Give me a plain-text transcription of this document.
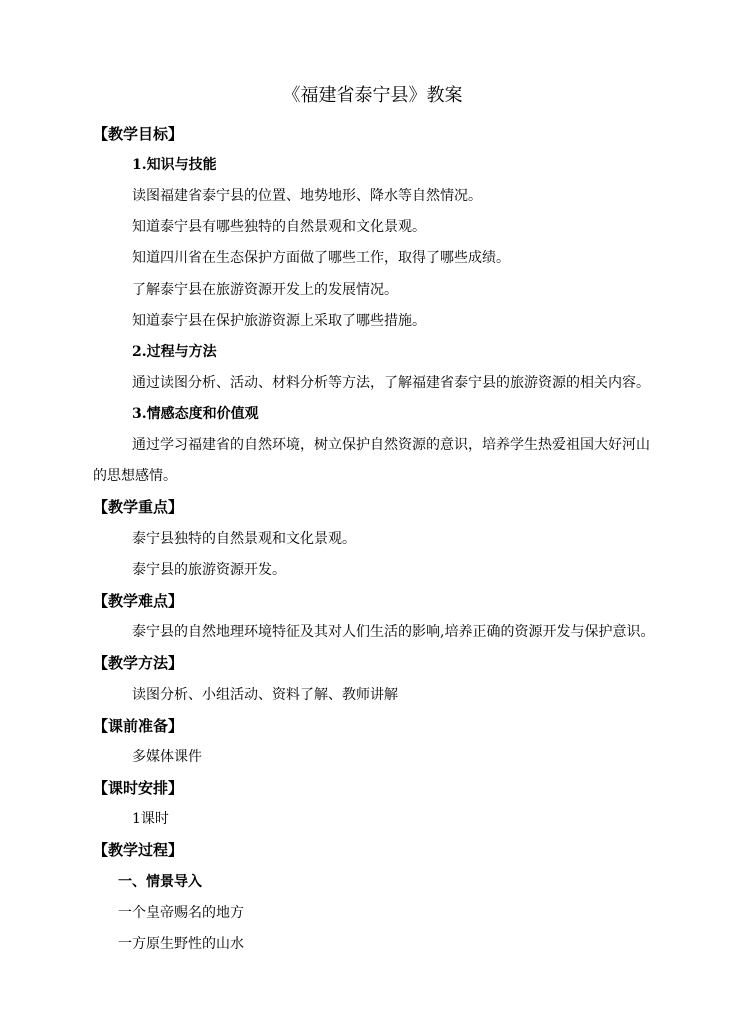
《福建省泰宁县》教案
【教学目标】
1.知识与技能
读图福建省泰宁县的位置、地势地形、降水等自然情况。
知道泰宁县有哪些独特的自然景观和文化景观。
知道四川省在生态保护方面做了哪些工作，取得了哪些成绩。
了解泰宁县在旅游资源开发上的发展情况。
知道泰宁县在保护旅游资源上采取了哪些措施。
2.过程与方法
通过读图分析、活动、材料分析等方法，了解福建省泰宁县的旅游资源的相关内容。
3.情感态度和价值观
通过学习福建省的自然环境，树立保护自然资源的意识，培养学生热爱祖国大好河山
的思想感情。
【教学重点】
泰宁县独特的自然景观和文化景观。
泰宁县的旅游资源开发。
【教学难点】
泰宁县的自然地理环境特征及其对人们生活的影响,培养正确的资源开发与保护意识。
【教学方法】
读图分析、小组活动、资料了解、教师讲解
【课前准备】
多媒体课件
【课时安排】
1课时
【教学过程】
一、情景导入
一个皇帝赐名的地方
一方原生野性的山水
